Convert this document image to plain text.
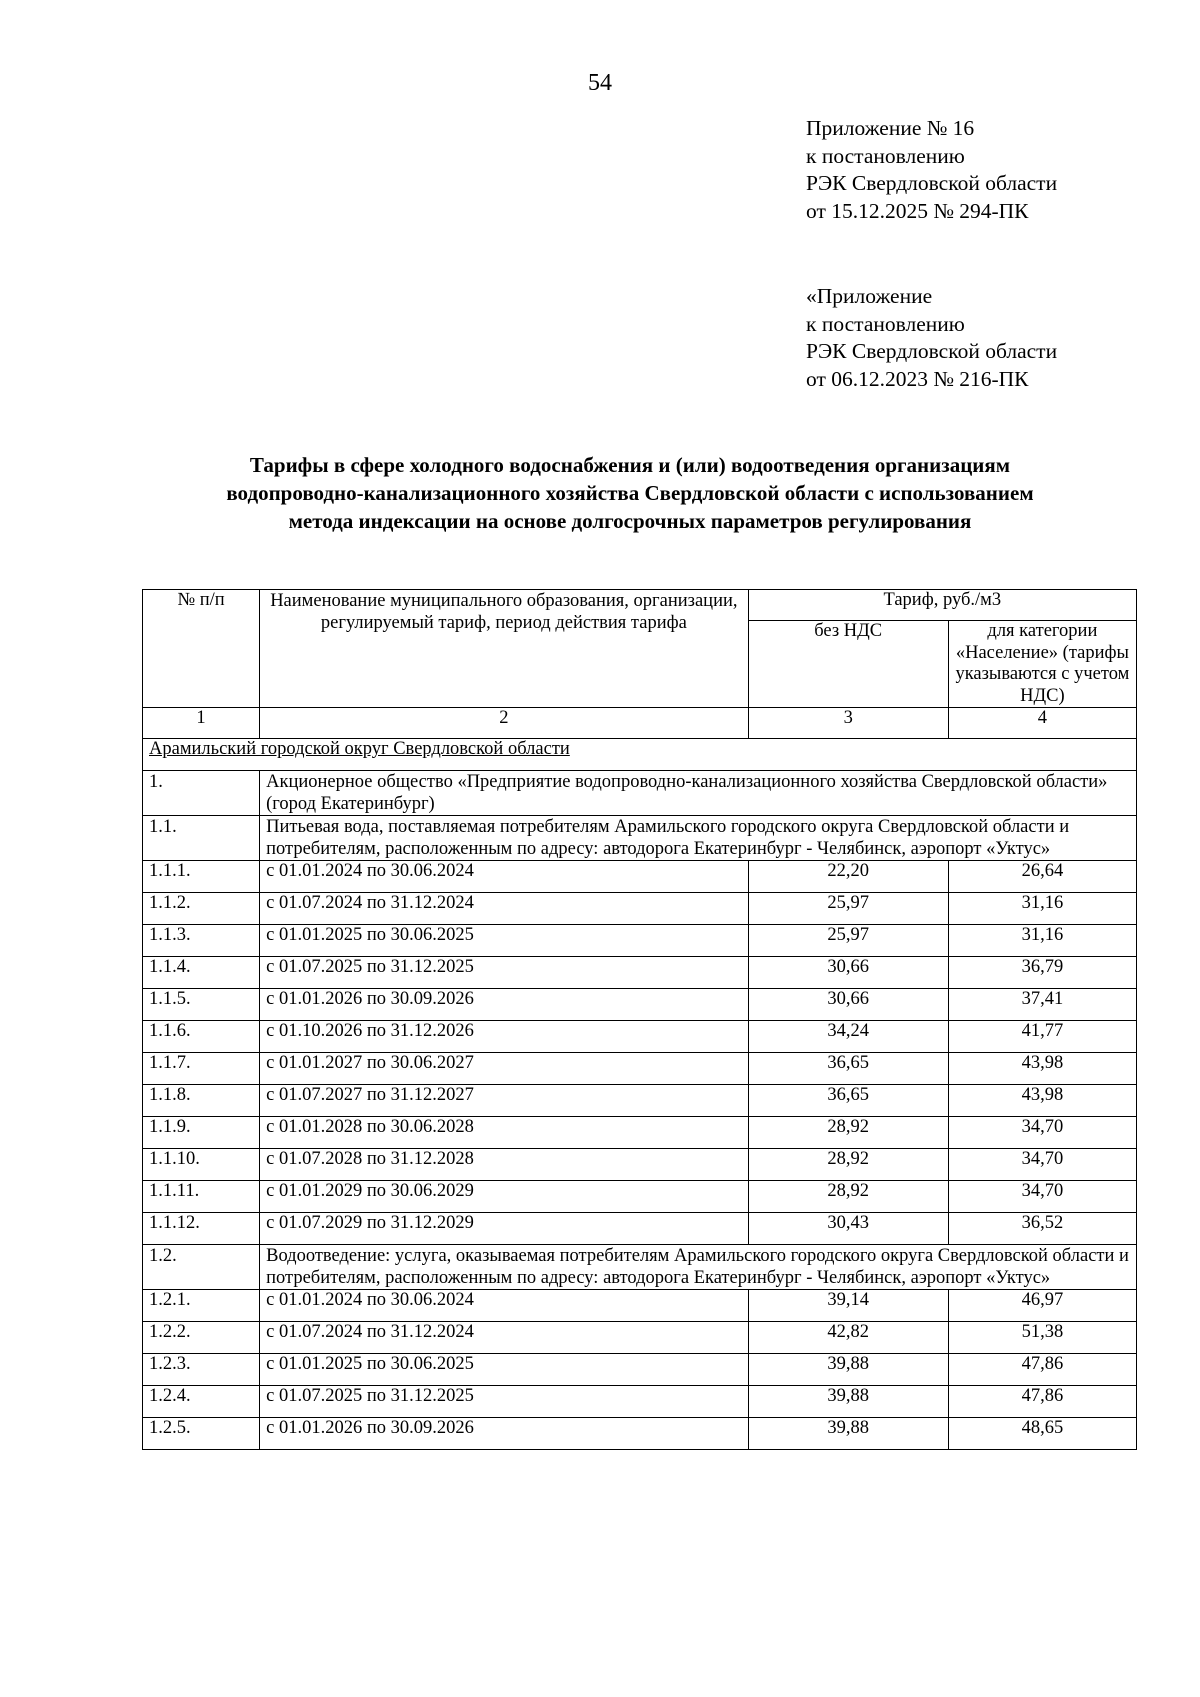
54
Приложение № 16
к постановлению
РЭК Свердловской области
от 15.12.2025 № 294-ПК
«Приложение
к постановлению
РЭК Свердловской области
от 06.12.2023 № 216-ПК
Тарифы в сфере холодного водоснабжения и (или) водоотведения организациям
водопроводно-канализационного хозяйства Свердловской области с использованием
метода индексации на основе долгосрочных параметров регулирования
№ п/п	Наименование муниципального образования, организации, регулируемый тариф, период действия тарифа	Тариф, руб./м3	
		без НДС	для категории «Население» (тарифы указываются с учетом НДС)
1	2	3	4
Арамильский городской округ Свердловской области			
1.	Акционерное общество «Предприятие водопроводно-канализационного хозяйства Свердловской области» (город Екатеринбург)		
1.1.	Питьевая вода, поставляемая потребителям Арамильского городского округа Свердловской области и потребителям, расположенным по адресу: автодорога Екатеринбург - Челябинск, аэропорт «Уктус»		
1.1.1.	с 01.01.2024 по 30.06.2024	22,20	26,64
1.1.2.	с 01.07.2024 по 31.12.2024	25,97	31,16
1.1.3.	с 01.01.2025 по 30.06.2025	25,97	31,16
1.1.4.	с 01.07.2025 по 31.12.2025	30,66	36,79
1.1.5.	с 01.01.2026 по 30.09.2026	30,66	37,41
1.1.6.	с 01.10.2026 по 31.12.2026	34,24	41,77
1.1.7.	с 01.01.2027 по 30.06.2027	36,65	43,98
1.1.8.	с 01.07.2027 по 31.12.2027	36,65	43,98
1.1.9.	с 01.01.2028 по 30.06.2028	28,92	34,70
1.1.10.	с 01.07.2028 по 31.12.2028	28,92	34,70
1.1.11.	с 01.01.2029 по 30.06.2029	28,92	34,70
1.1.12.	с 01.07.2029 по 31.12.2029	30,43	36,52
1.2.	Водоотведение: услуга, оказываемая потребителям Арамильского городского округа Свердловской области и потребителям, расположенным по адресу: автодорога Екатеринбург - Челябинск, аэропорт «Уктус»		
1.2.1.	с 01.01.2024 по 30.06.2024	39,14	46,97
1.2.2.	с 01.07.2024 по 31.12.2024	42,82	51,38
1.2.3.	с 01.01.2025 по 30.06.2025	39,88	47,86
1.2.4.	с 01.07.2025 по 31.12.2025	39,88	47,86
1.2.5.	с 01.01.2026 по 30.09.2026	39,88	48,65
